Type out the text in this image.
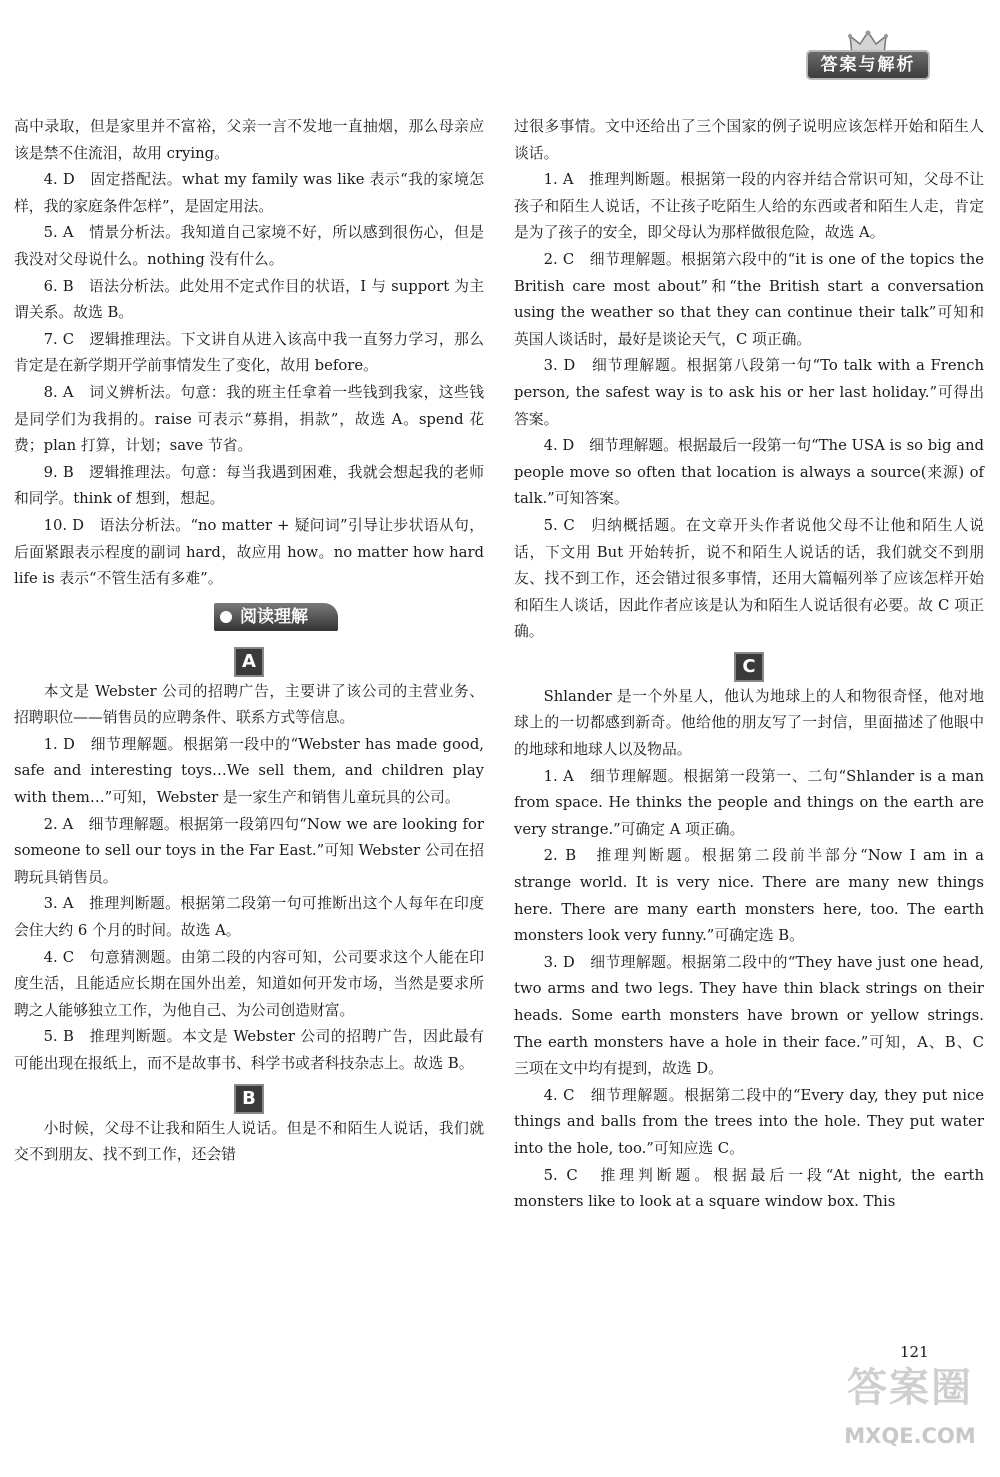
答案与解析

高中录取，但是家里并不富裕，父亲一言不发地一直抽烟，那么母亲应该是禁不住流泪，故用 crying。

4. D　固定搭配法。what my family was like 表示“我的家境怎样，我的家庭条件怎样”，是固定用法。

5. A　情景分析法。我知道自己家境不好，所以感到很伤心，但是我没对父母说什么。nothing 没有什么。

6. B　语法分析法。此处用不定式作目的状语，I 与 support 为主谓关系。故选 B。

7. C　逻辑推理法。下文讲自从进入该高中我一直努力学习，那么肯定是在新学期开学前事情发生了变化，故用 before。

8. A　词义辨析法。句意：我的班主任拿着一些钱到我家，这些钱是同学们为我捐的。raise 可表示“募捐，捐款”，故选 A。spend 花费；plan 打算，计划；save 节省。

9. B　逻辑推理法。句意：每当我遇到困难，我就会想起我的老师和同学。think of 想到，想起。

10. D　语法分析法。“no matter + 疑问词”引导让步状语从句，后面紧跟表示程度的副词 hard，故应用 how。no matter how hard life is 表示“不管生活有多难”。

阅读理解
A

本文是 Webster 公司的招聘广告，主要讲了该公司的主营业务、招聘职位——销售员的应聘条件、联系方式等信息。

1. D　细节理解题。根据第一段中的“Webster has made good, safe and interesting toys…We sell them, and children play with them…”可知，Webster 是一家生产和销售儿童玩具的公司。

2. A　细节理解题。根据第一段第四句“Now we are looking for someone to sell our toys in the Far East.”可知 Webster 公司在招聘玩具销售员。

3. A　推理判断题。根据第二段第一句可推断出这个人每年在印度会住大约 6 个月的时间。故选 A。

4. C　句意猜测题。由第二段的内容可知，公司要求这个人能在印度生活，且能适应长期在国外出差，知道如何开发市场，当然是要求所聘之人能够独立工作，为他自己、为公司创造财富。

5. B　推理判断题。本文是 Webster 公司的招聘广告，因此最有可能出现在报纸上，而不是故事书、科学书或者科技杂志上。故选 B。

B

小时候，父母不让我和陌生人说话。但是不和陌生人说话，我们就交不到朋友、找不到工作，还会错

过很多事情。文中还给出了三个国家的例子说明应该怎样开始和陌生人谈话。

1. A　推理判断题。根据第一段的内容并结合常识可知，父母不让孩子和陌生人说话，不让孩子吃陌生人给的东西或者和陌生人走，肯定是为了孩子的安全，即父母认为那样做很危险，故选 A。

2. C　细节理解题。根据第六段中的“it is one of the topics the British care most about”和“the British start a conversation using the weather so that they can continue their talk”可知和英国人谈话时，最好是谈论天气，C 项正确。

3. D　细节理解题。根据第八段第一句“To talk with a French person, the safest way is to ask his or her last holiday.”可得出答案。

4. D　细节理解题。根据最后一段第一句“The USA is so big and people move so often that location is always a source(来源) of talk.”可知答案。

5. C　归纳概括题。在文章开头作者说他父母不让他和陌生人说话，下文用 But 开始转折，说不和陌生人说话的话，我们就交不到朋友、找不到工作，还会错过很多事情，还用大篇幅列举了应该怎样开始和陌生人谈话，因此作者应该是认为和陌生人说话很有必要。故 C 项正确。

C

Shlander 是一个外星人，他认为地球上的人和物很奇怪，他对地球上的一切都感到新奇。他给他的朋友写了一封信，里面描述了他眼中的地球和地球人以及物品。

1. A　细节理解题。根据第一段第一、二句“Shlander is a man from space. He thinks the people and things on the earth are very strange.”可确定 A 项正确。

2. B　推理判断题。根据第二段前半部分“Now I am in a strange world. It is very nice. There are many new things here. There are many earth monsters here, too. The earth monsters look very funny.”可确定选 B。

3. D　细节理解题。根据第二段中的“They have just one head, two arms and two legs. They have thin black strings on their heads. Some earth monsters have brown or yellow strings. The earth monsters have a hole in their face.”可知，A、B、C 三项在文中均有提到，故选 D。

4. C　细节理解题。根据第二段中的“Every day, they put nice things and balls from the trees into the hole. They put water into the hole, too.”可知应选 C。

5. C　推理判断题。根据最后一段“At night, the earth monsters like to look at a square window box. This

121
答案圈
MXQE.COM
